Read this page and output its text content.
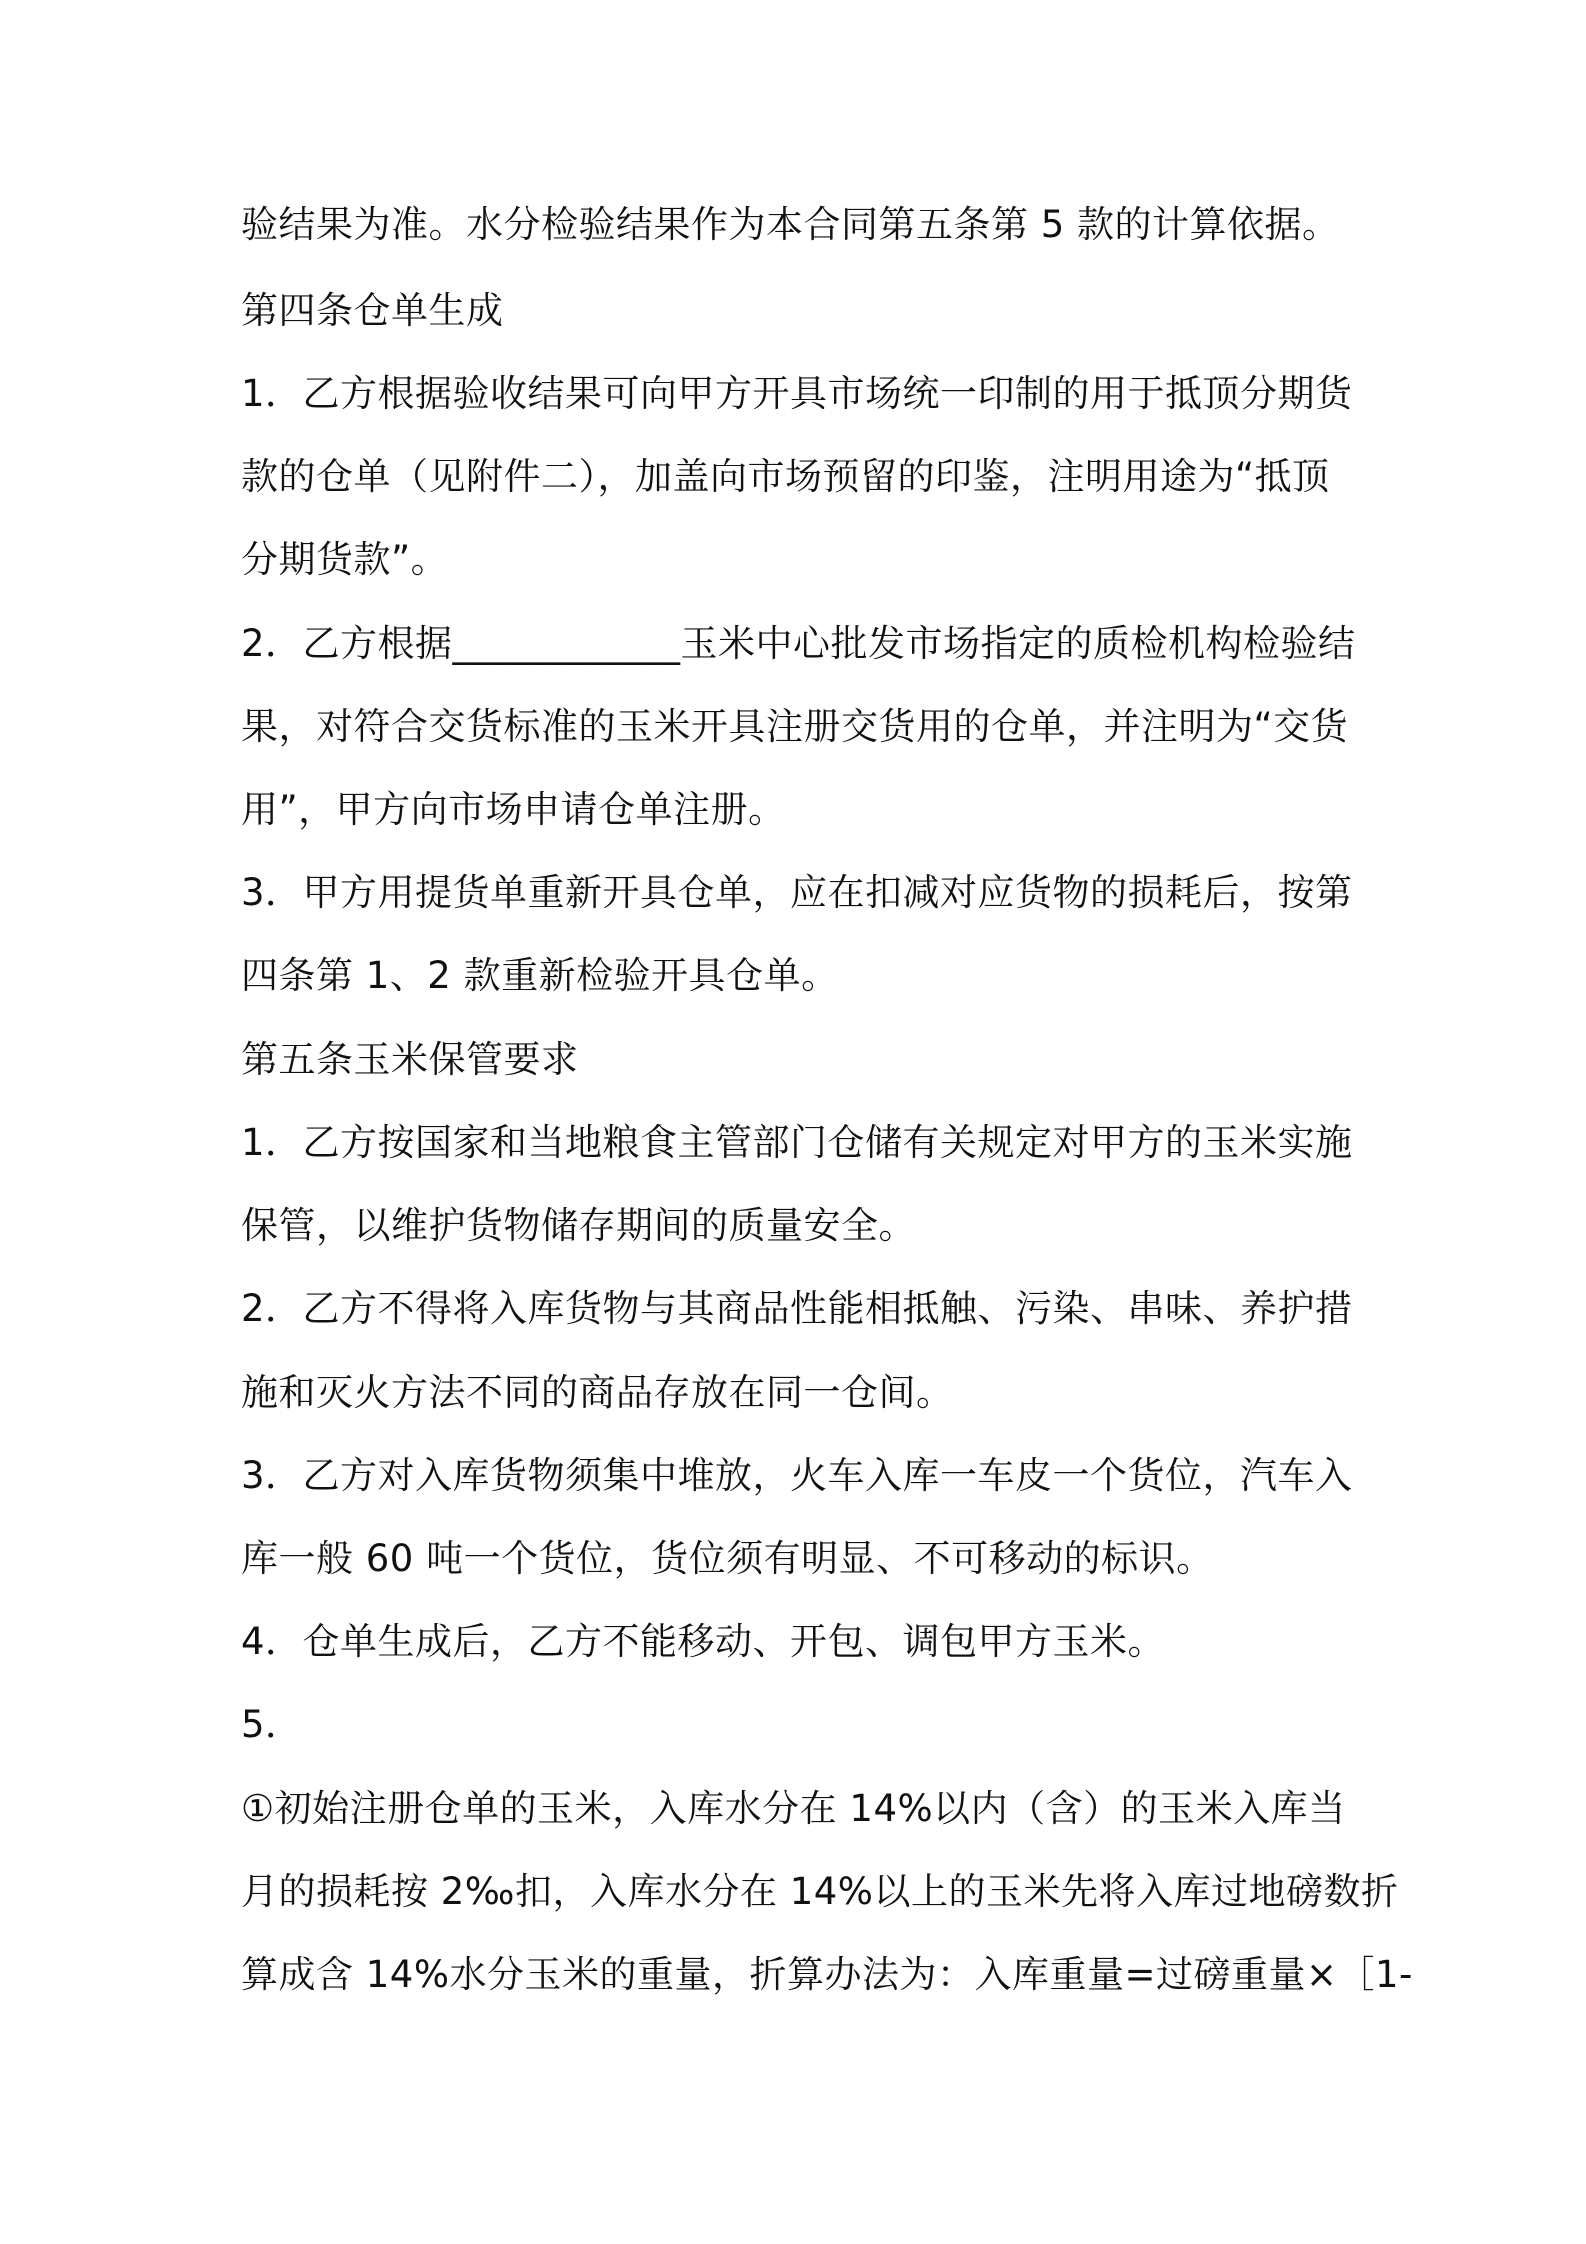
验结果为准。水分检验结果作为本合同第五条第 5 款的计算依据。
第四条仓单生成
1．乙方根据验收结果可向甲方开具市场统一印制的用于抵顶分期货
款的仓单（见附件二），加盖向市场预留的印鉴，注明用途为“抵顶
分期货款”。
2．乙方根据____________玉米中心批发市场指定的质检机构检验结
果，对符合交货标准的玉米开具注册交货用的仓单，并注明为“交货
用”，甲方向市场申请仓单注册。
3．甲方用提货单重新开具仓单，应在扣减对应货物的损耗后，按第
四条第 1、2 款重新检验开具仓单。
第五条玉米保管要求
1．乙方按国家和当地粮食主管部门仓储有关规定对甲方的玉米实施
保管，以维护货物储存期间的质量安全。
2．乙方不得将入库货物与其商品性能相抵触、污染、串味、养护措
施和灭火方法不同的商品存放在同一仓间。
3．乙方对入库货物须集中堆放，火车入库一车皮一个货位，汽车入
库一般 60 吨一个货位，货位须有明显、不可移动的标识。
4．仓单生成后，乙方不能移动、开包、调包甲方玉米。
5．
①初始注册仓单的玉米，入库水分在 14%以内（含）的玉米入库当
月的损耗按 2‰扣，入库水分在 14%以上的玉米先将入库过地磅数折
算成含 14%水分玉米的重量，折算办法为：入库重量=过磅重量×［1-
